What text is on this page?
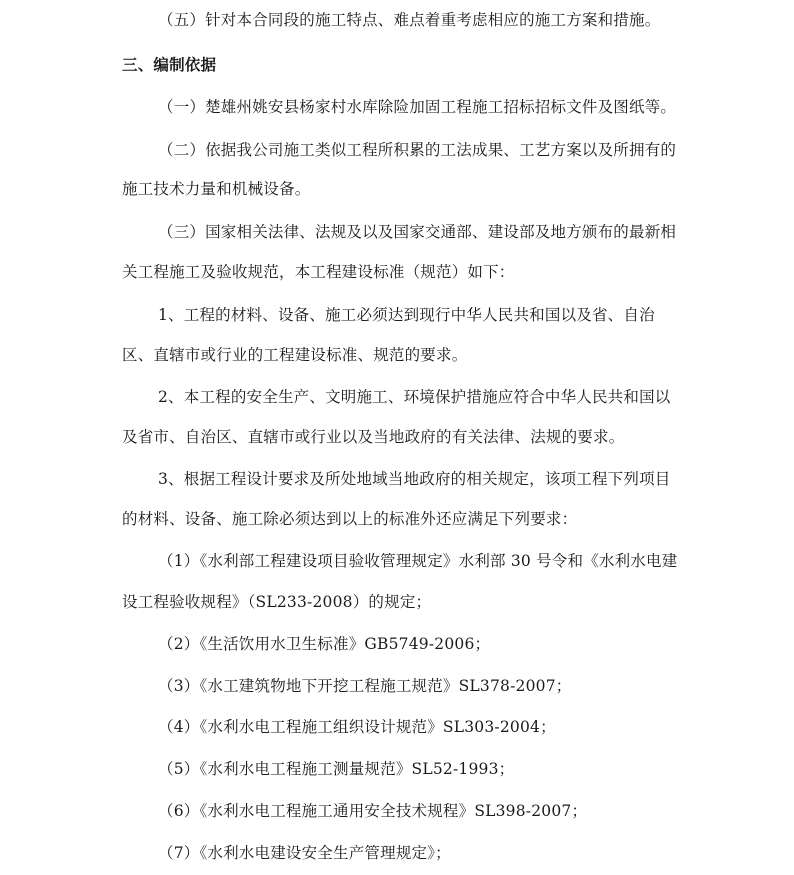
（五）针对本合同段的施工特点、难点着重考虑相应的施工方案和措施。
三、编制依据
（一）楚雄州姚安县杨家村水库除险加固工程施工招标招标文件及图纸等。
（二）依据我公司施工类似工程所积累的工法成果、工艺方案以及所拥有的
施工技术力量和机械设备。
（三）国家相关法律、法规及以及国家交通部、建设部及地方颁布的最新相
关工程施工及验收规范，本工程建设标准（规范）如下：
1、工程的材料、设备、施工必须达到现行中华人民共和国以及省、自治
区、直辖市或行业的工程建设标准、规范的要求。
2、本工程的安全生产、文明施工、环境保护措施应符合中华人民共和国以
及省市、自治区、直辖市或行业以及当地政府的有关法律、法规的要求。
3、根据工程设计要求及所处地域当地政府的相关规定，该项工程下列项目
的材料、设备、施工除必须达到以上的标准外还应满足下列要求：
（1）《水利部工程建设项目验收管理规定》水利部 30 号令和《水利水电建
设工程验收规程》（SL233-2008）的规定；
（2）《生活饮用水卫生标准》GB5749-2006；
（3）《水工建筑物地下开挖工程施工规范》SL378-2007；
（4）《水利水电工程施工组织设计规范》SL303-2004；
（5）《水利水电工程施工测量规范》SL52-1993；
（6）《水利水电工程施工通用安全技术规程》SL398-2007；
（7）《水利水电建设安全生产管理规定》；
